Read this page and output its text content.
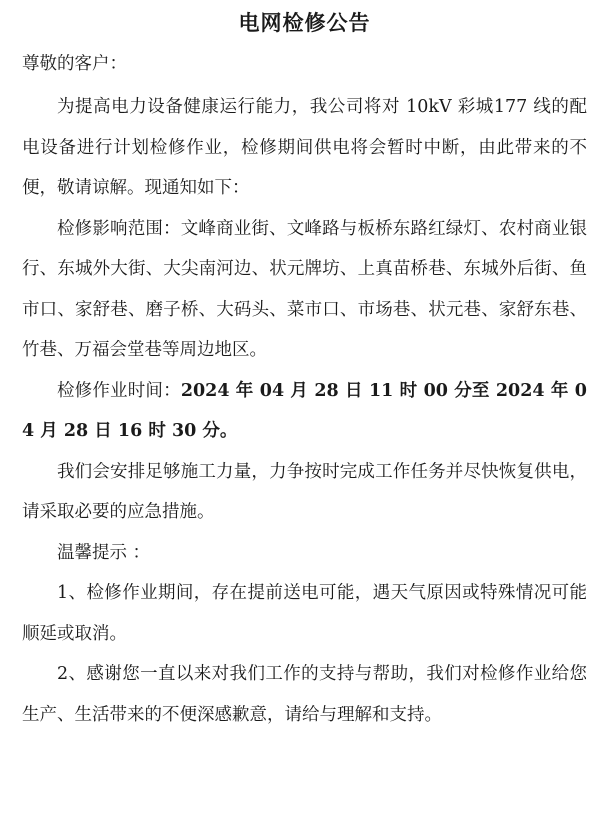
电网检修公告

尊敬的客户：

为提高电力设备健康运行能力，我公司将对 10kV 彩城177 线的配电设备进行计划检修作业，检修期间供电将会暂时中断，由此带来的不便，敬请谅解。现通知如下：

检修影响范围：文峰商业街、文峰路与板桥东路红绿灯、农村商业银行、东城外大街、大尖南河边、状元牌坊、上真苗桥巷、东城外后街、鱼市口、家舒巷、磨子桥、大码头、菜市口、市场巷、状元巷、家舒东巷、竹巷、万福会堂巷等周边地区。

检修作业时间：2024 年 04 月 28 日 11 时 00 分至 2024 年 04 月 28 日 16 时 30 分。

我们会安排足够施工力量，力争按时完成工作任务并尽快恢复供电，请采取必要的应急措施。

温馨提示 ：

1、检修作业期间，存在提前送电可能，遇天气原因或特殊情况可能顺延或取消。

2、感谢您一直以来对我们工作的支持与帮助，我们对检修作业给您生产、生活带来的不便深感歉意，请给与理解和支持。
